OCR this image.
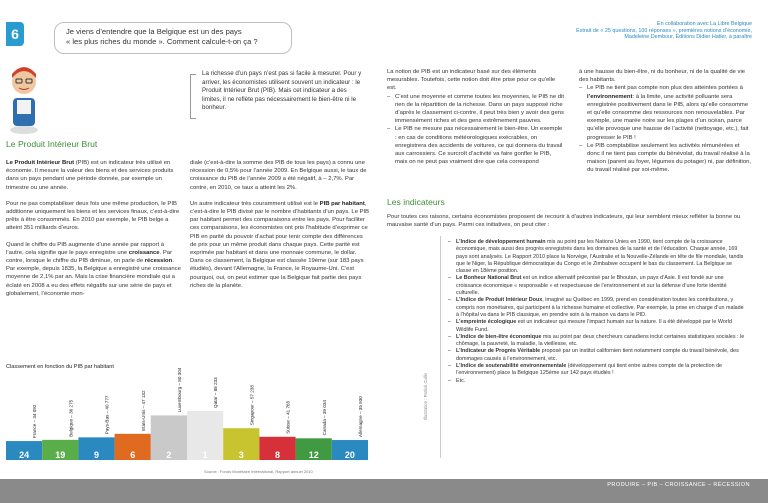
6	Je viens d’entendre que la Belgique est un des pays
« les plus riches du monde ». Comment calcule-t-on ça ?
En collaboration avec La Libre Belgique
Extrait de « 25 questions, 100 réponses », premières notions d’économie,
Madeleine Dembour, Éditions Didier Hatier, à paraître
La richesse d’un pays n’est pas si facile à mesurer. Pour y arriver, les économistes utilisent souvent un indicateur : le Produit Intérieur Brut (PIB). Mais cet indicateur a des limites, il ne reflète pas nécessairement le bien-être ni le bonheur.
Le Produit Intérieur Brut

Le Produit Intérieur Brut (PIB) est un indicateur très utilisé en économie. Il mesure la valeur des biens et des services produits dans un pays pendant une période donnée, par exemple un trimestre ou une année.

Pour ne pas comptabiliser deux fois une même production, le PIB additionne uniquement les biens et les services finaux, c’est-à-dire prêts à être consommés. En 2010 par exemple, le PIB belge a atteint 351 milliards d’euros.

Quand le chiffre du PIB augmente d’une année par rapport à l’autre, cela signifie que le pays enregistre une croissance. Par contre, lorsque le chiffre du PIB diminue, on parle de récession. Par exemple, depuis 1835, la Belgique a enregistré une croissance moyenne de 2,1% par an. Mais la crise financière mondiale qui a éclaté en 2008 a eu des effets négatifs sur une série de pays et globalement, l’économie mon-

diale (c’est-à-dire la somme des PIB de tous les pays) a connu une récession de 0,5% pour l’année 2009. En Belgique aussi, le taux de croissance du PIB de l’année 2009 a été négatif, à – 2,7%. Par contre, en 2010, ce taux a atteint les 2%.

Un autre indicateur très couramment utilisé est le PIB par habitant, c’est-à-dire le PIB divisé par le nombre d’habitants d’un pays. Le PIB par habitant permet des comparaisons entre les pays. Pour faciliter ces comparaisons, les économistes ont pris l’habitude d’exprimer ce PIB en parité du pouvoir d’achat pour tenir compte des différences de prix pour un même produit dans chaque pays. Cette parité est exprimée par habitant et dans une monnaie commune, le dollar. Dans ce classement, la Belgique est classée 19ème (sur 183 pays étudiés), devant l’Allemagne, la France, le Royaume-Uni. C’est pourquoi, oui, on peut estimer que la Belgique fait partie des pays riches de la planète.

La notion de PIB est un indicateur basé sur des éléments mesurables. Toutefois, cette notion doit être prise pour ce qu’elle est.

– C’est une moyenne et comme toutes les moyennes, le PIB ne dit rien de la répartition de la richesse. Dans un pays supposé riche d’après le classement ci-contre, il peut très bien y avoir des gens immensément riches et des gens extrêmement pauvres.
– Le PIB ne mesure pas nécessairement le bien-être. Un exemple : en cas de conditions météorologiques exécrables, on enregistrera des accidents de voitures, ce qui donnera du travail aux carrossiers. Ce surcroît d’activité va faire gonfler le PIB, mais on ne peut pas vraiment dire que cela correspond

à une hausse du bien-être, ni du bonheur, ni de la qualité de vie des habitants.

– Le PIB ne tient pas compte non plus des atteintes portées à l’environnement: à la limite, une activité polluante sera enregistrée positivement dans le PIB, alors qu’elle consomme et qu’elle consomme des ressources non renouvelables. Par exemple, une marée noire sur les plages d’un océan, parce qu’elle provoque une hausse de l’activité (nettoyage, etc.), fait progresser le PIB !
– Le PIB comptabilise seulement les activités rémunérées et donc il ne tient pas compte du bénévolat, du travail réalisé à la maison (parent au foyer, légumes du potager) ni, par définition, du travail réalisé par soi-même.
Les indicateurs
Pour toutes ces raisons, certains économistes proposent de recourir à d’autres indicateurs, qui leur semblent mieux refléter la bonne ou mauvaise santé d’un pays. Parmi ces initiatives, on peut citer :
Illustration : Patrick Cullin
– L’Indice de développement humain mis au point par les Nations Unies en 1990, tient compte de la croissance économique, mais aussi des progrès enregistrés dans les domaines de la santé et de l’éducation. Chaque année, 169 pays sont analysés. Le Rapport 2010 place la Norvège, l’Australie et la Nouvelle-Zélande en tête de file mondiale, tandis que le Niger, la République démocratique du Congo et le Zimbabwe occupent le bas du classement. La Belgique se classe en 18ème position.
– Le Bonheur National Brut est un indice alternatif préconisé par le Bhoutan, un pays d’Asie. Il est fondé sur une croissance économique « responsable » et respectueuse de l’environnement et sur la défense d’une forte identité culturelle.
– L’Indice de Produit Intérieur Doux, imaginé au Québec en 1999, prend en considération toutes les contributions, y compris non monétaires, qui participent à la richesse humaine et collective. Par exemple, la prise en charge d’un malade à l’hôpital va dans le PIB classique, en prendre soin à la maison va dans le PID.
– L’empreinte écologique est un indicateur qui mesure l’impact humain sur la nature. Il a été développé par le World Wildlife Fund.
– L’Indice de bien-être économique mis au point par deux chercheurs canadiens inclut certaines statistiques sociales : le chômage, la pauvreté, la maladie, la vieillesse, etc.
– L’Indicateur de Progrès Véritable proposé par un institut californien tient notamment compte du travail bénévole, des dommages causés à l’environnement, etc.
– L’Indice de soutenabilité environnementale (développement qui tient entre autres compte de la protection de l’environnement) place la Belgique 125ème sur 142 pays étudiés !
– Etc.
Classement en fonction du PIB par habitant
24
France – 34 092
19
Belgique – 36 275
9
Pays-Bas – 40 777
6
Etats-Unis – 47 132
2
Luxembourg – 80 304
1
Qatar – 88 233
3
Singapour – 57 238
8
Suisse – 41 765
12
Canada – 39 034
20
Allemagne – 35 930
Source : Fonds Monétaire International, Rapport annuel 2010
PRODUIRE – PIB – CROISSANCE – RÉCESSION
